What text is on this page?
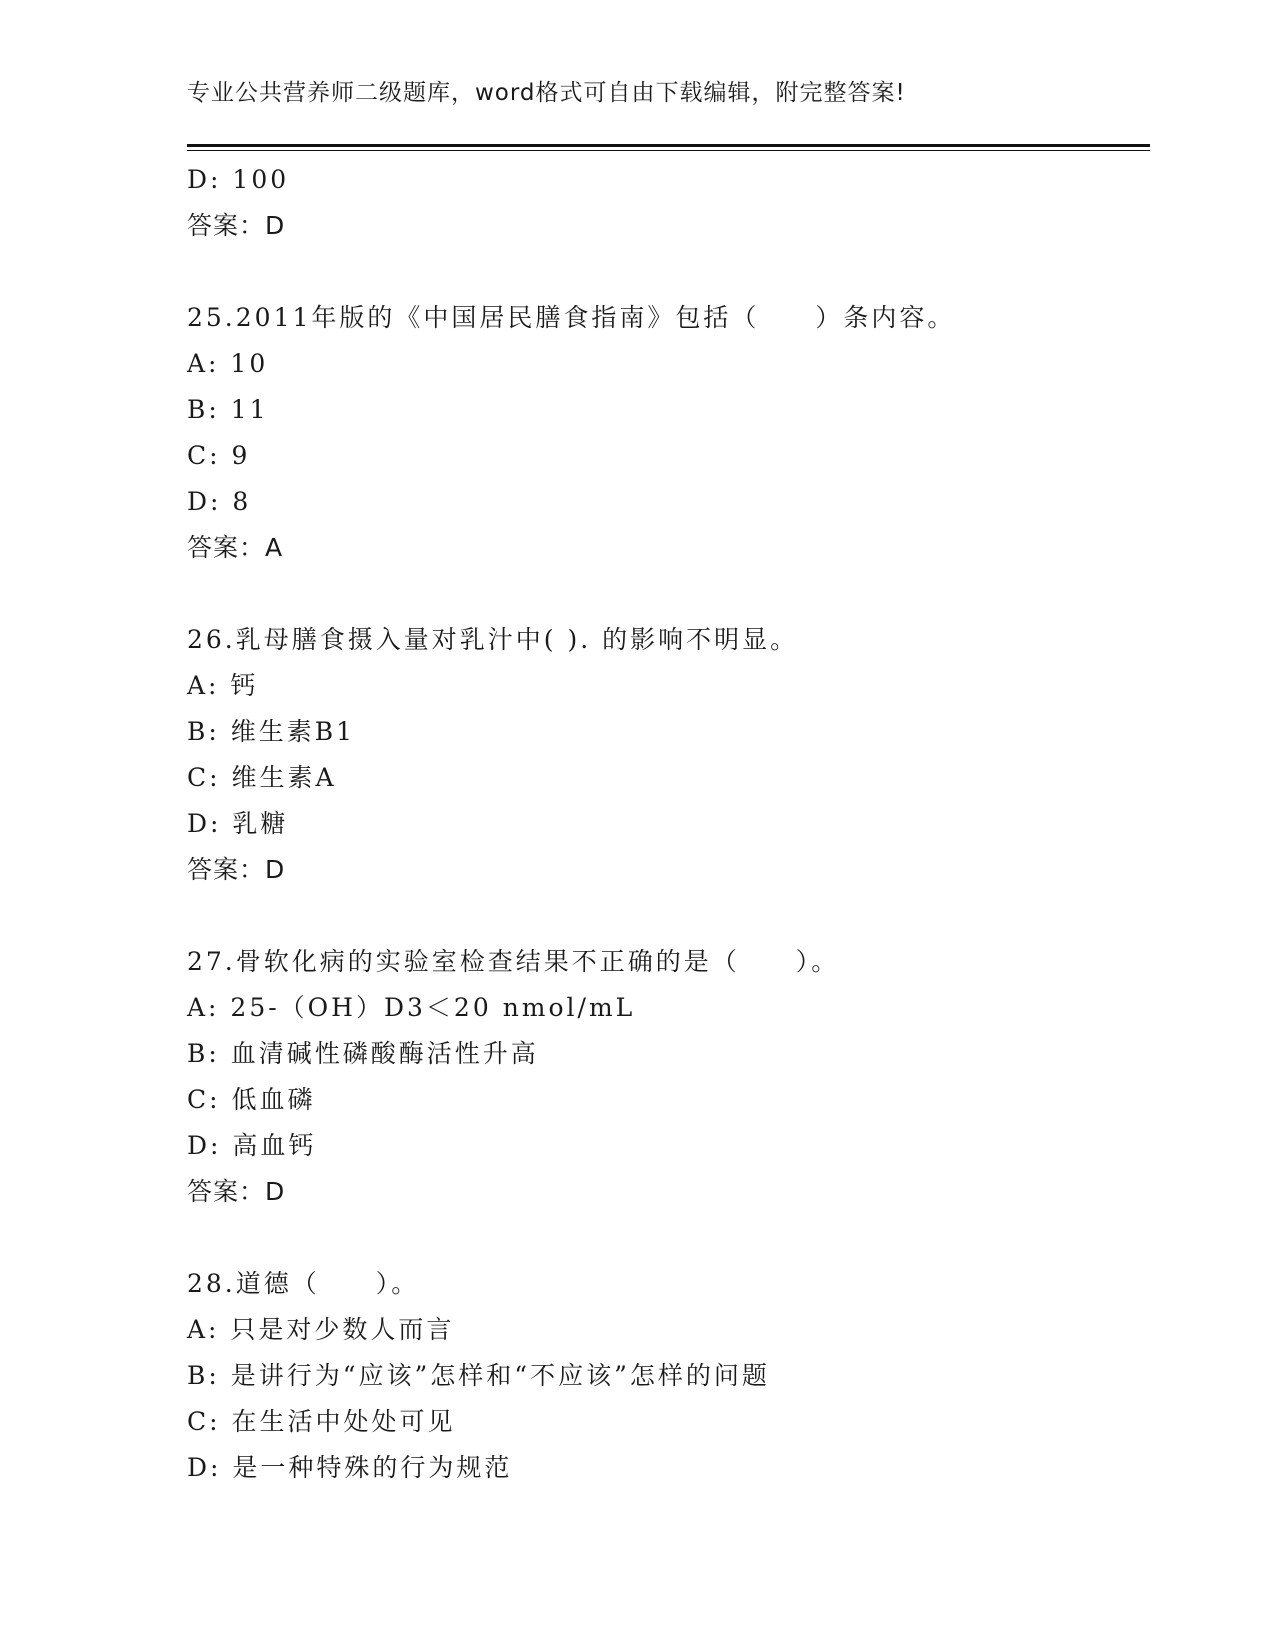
专业公共营养师二级题库，word格式可自由下载编辑，附完整答案!
D: 100
答案：D
25.2011年版的《中国居民膳食指南》包括（　　）条内容。
A: 10
B: 11
C: 9
D: 8
答案：A
26.乳母膳食摄入量对乳汁中( ). 的影响不明显。
A: 钙
B: 维生素B1
C: 维生素A
D: 乳糖
答案：D
27.骨软化病的实验室检查结果不正确的是（　　）。
A: 25-（OH）D3＜20 nmol/mL
B: 血清碱性磷酸酶活性升高
C: 低血磷
D: 高血钙
答案：D
28.道德（　　）。
A: 只是对少数人而言
B: 是讲行为“应该”怎样和“不应该”怎样的问题
C: 在生活中处处可见
D: 是一种特殊的行为规范
